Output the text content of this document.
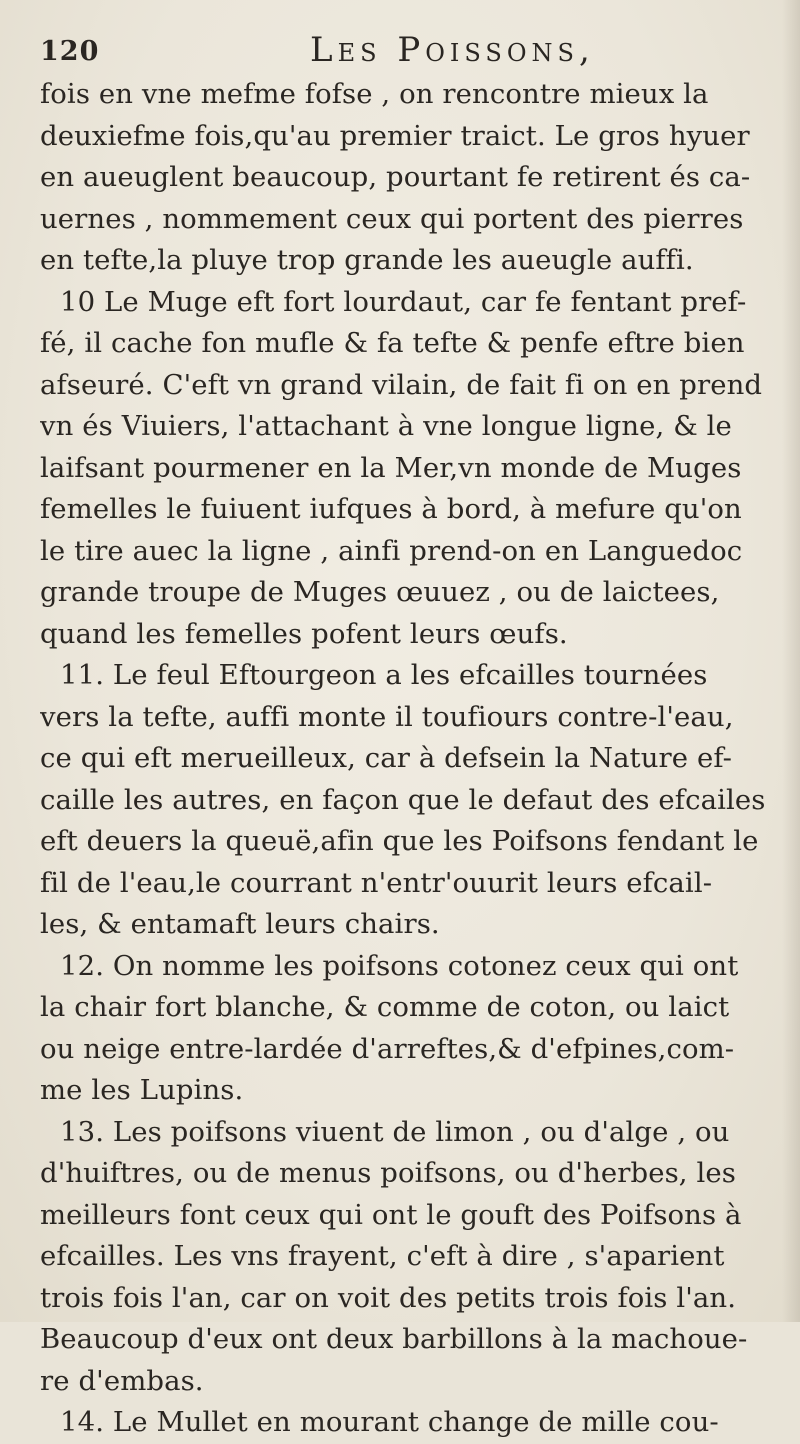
120	Les Poissons,
fois en vne mefme fofse , on rencontre mieux la
deuxiefme fois,qu'au premier traict. Le gros hyuer
en aueuglent beaucoup, pourtant fe retirent és ca-
uernes , nommement ceux qui portent des pierres
en tefte,la pluye trop grande les aueugle auffi.
10 Le Muge eft fort lourdaut, car fe fentant pref-
fé, il cache fon mufle & fa tefte & penfe eftre bien
afseuré. C'eft vn grand vilain, de fait fi on en prend
vn és Viuiers, l'attachant à vne longue ligne, & le
laifsant pourmener en la Mer,vn monde de Muges
femelles le fuiuent iufques à bord, à mefure qu'on
le tire auec la ligne , ainfi prend-on en Languedoc
grande troupe de Muges œuuez , ou de laictees,
quand les femelles pofent leurs œufs.
11. Le feul Eftourgeon a les efcailles tournées
vers la tefte, auffi monte il toufiours contre-l'eau,
ce qui eft merueilleux, car à defsein la Nature ef-
caille les autres, en façon que le defaut des efcailes
eft deuers la queuë,afin que les Poifsons fendant le
fil de l'eau,le courrant n'entr'ouurit leurs efcail-
les, & entamaft leurs chairs.
12. On nomme les poifsons cotonez ceux qui ont
la chair fort blanche, & comme de coton, ou laict
ou neige entre-lardée d'arreftes,& d'efpines,com-
me les Lupins.
13. Les poifsons viuent de limon , ou d'alge , ou
d'huiftres, ou de menus poifsons, ou d'herbes, les
meilleurs font ceux qui ont le gouft des Poifsons à
efcailles. Les vns frayent, c'eft à dire , s'aparient
trois fois l'an, car on voit des petits trois fois l'an.
Beaucoup d'eux ont deux barbillons à la machoue-
re d'embas.
14. Le Mullet en mourant change de mille cou-
